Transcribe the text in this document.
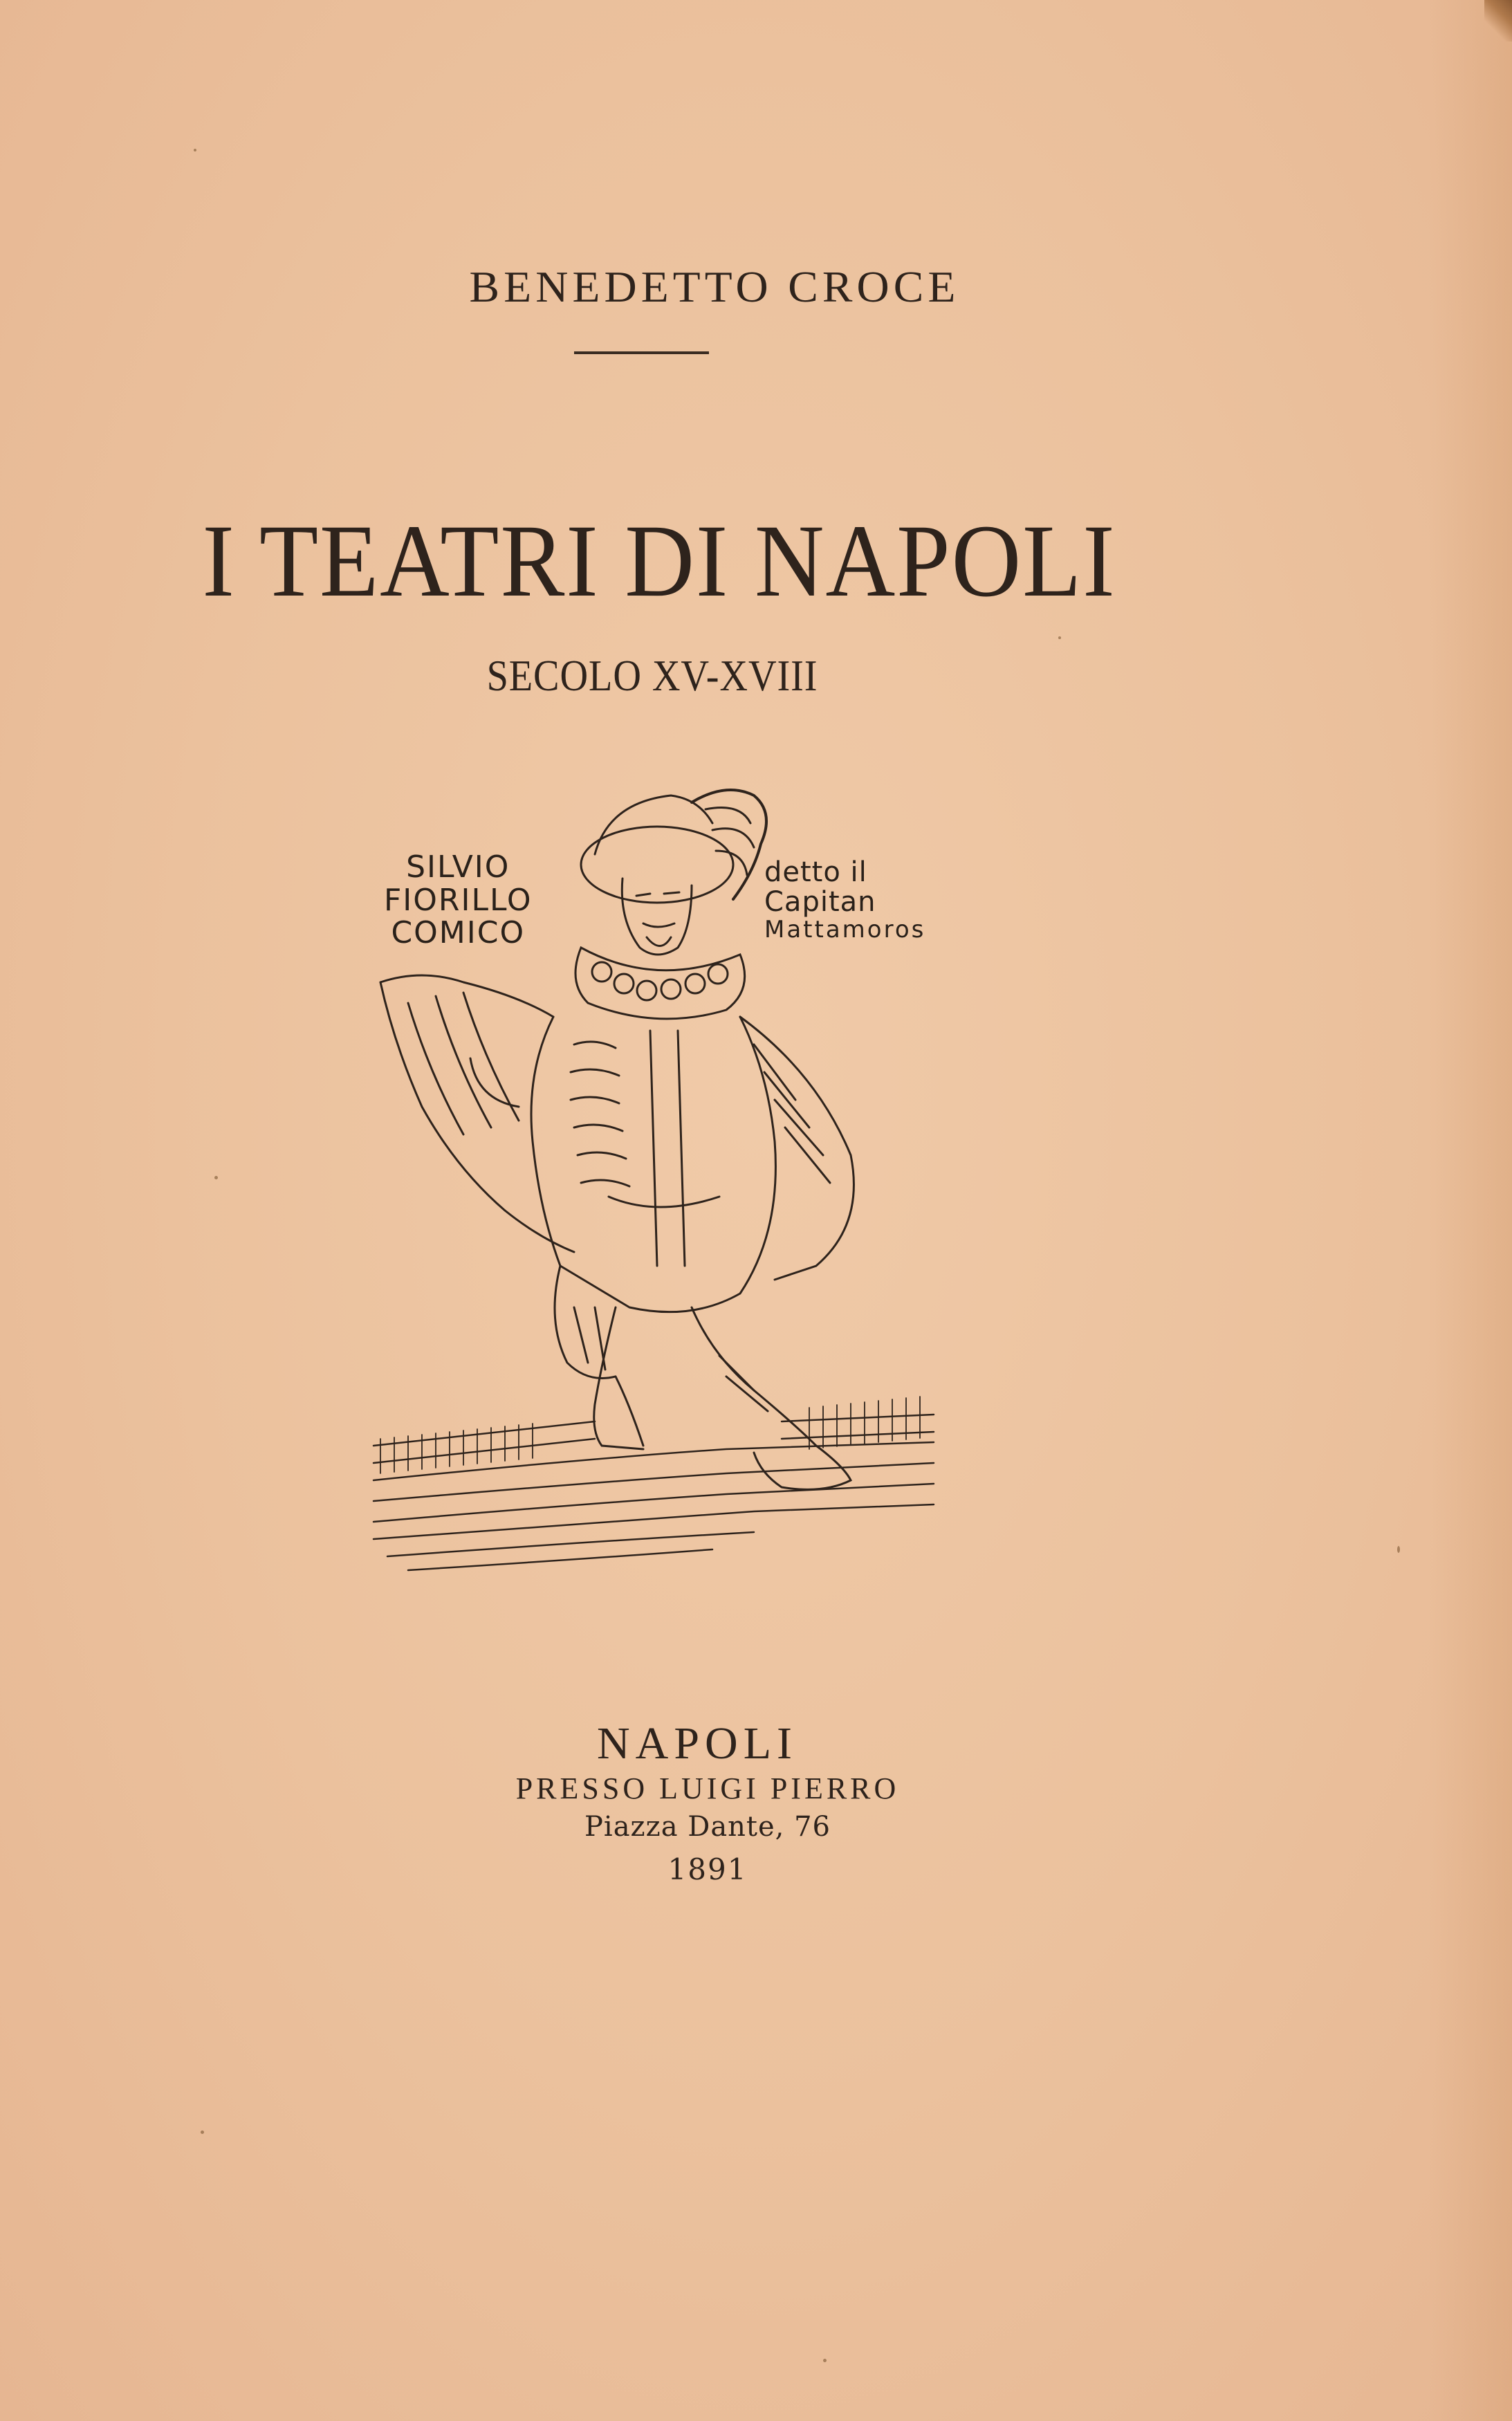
BENEDETTO CROCE
I TEATRI DI NAPOLI
SECOLO XV-XVIII
SILVIO
FIORILLO
COMICO
detto il
Capitan
Mattamoros
NAPOLI
PRESSO LUIGI PIERRO
Piazza Dante, 76
1891
